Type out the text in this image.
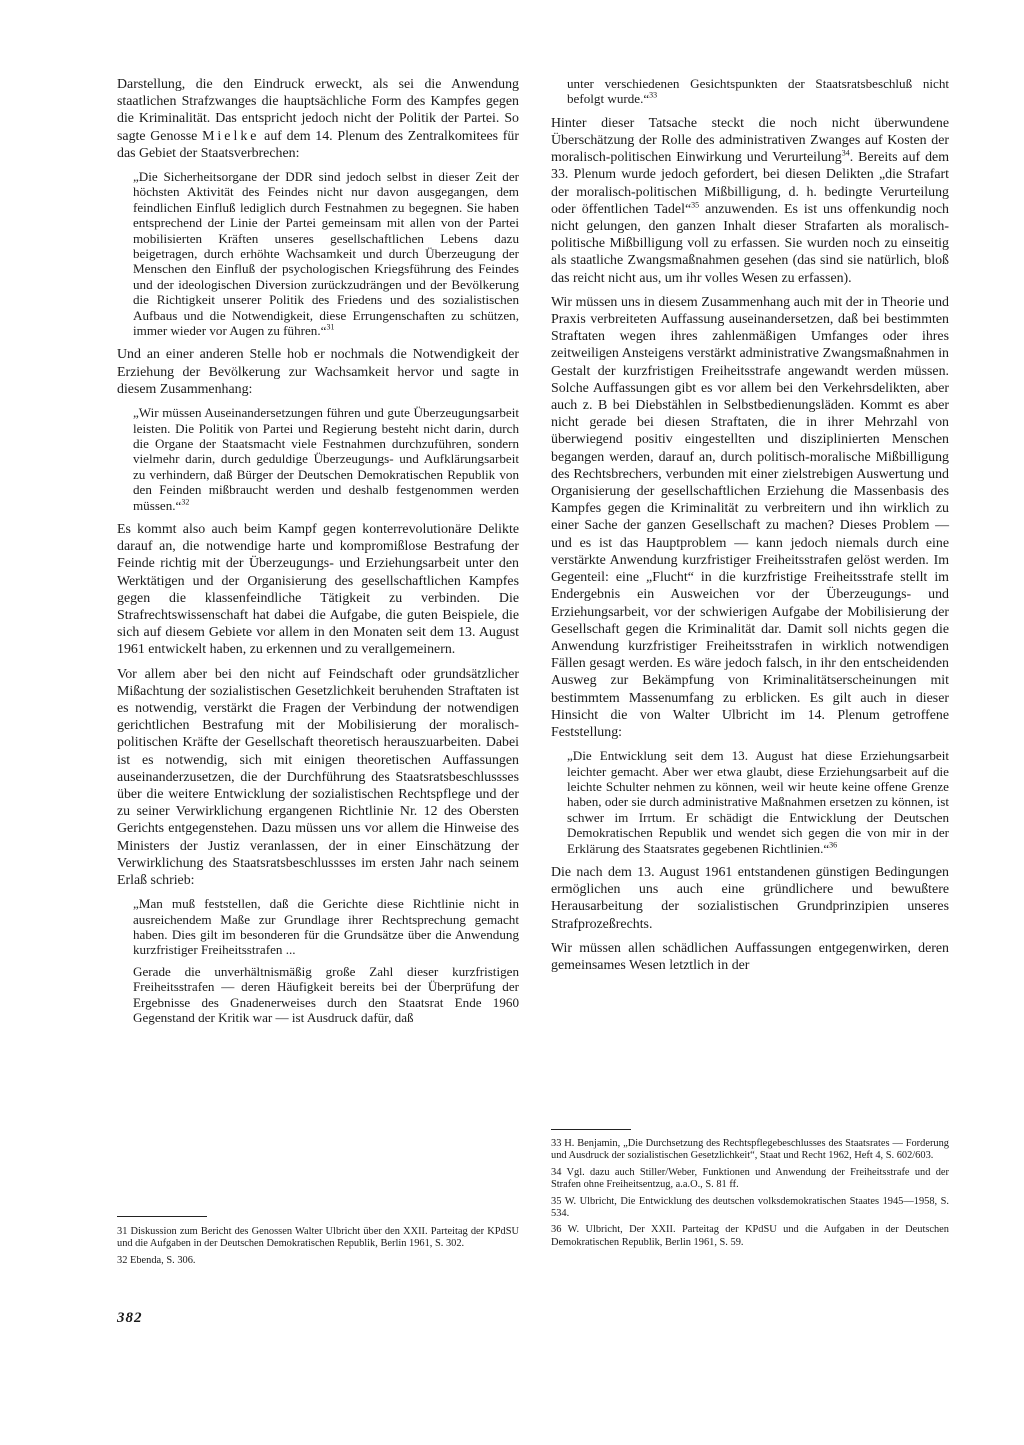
Darstellung, die den Eindruck erweckt, als sei die Anwendung staatlichen Strafzwanges die hauptsächliche Form des Kampfes gegen die Kriminalität. Das entspricht jedoch nicht der Politik der Partei. So sagte Genosse Mielke auf dem 14. Plenum des Zentralkomitees für das Gebiet der Staatsverbrechen:

„Die Sicherheitsorgane der DDR sind jedoch selbst in dieser Zeit der höchsten Aktivität des Feindes nicht nur davon ausgegangen, dem feindlichen Einfluß lediglich durch Festnahmen zu begegnen. Sie haben entsprechend der Linie der Partei gemeinsam mit allen von der Partei mobilisierten Kräften unseres gesellschaftlichen Lebens dazu beigetragen, durch erhöhte Wachsamkeit und durch Überzeugung der Menschen den Einfluß der psychologischen Kriegsführung des Feindes und der ideologischen Diversion zurückzudrängen und der Bevölkerung die Richtigkeit unserer Politik des Friedens und des sozialistischen Aufbaus und die Notwendigkeit, diese Errungenschaften zu schützen, immer wieder vor Augen zu führen.“$^{31}$

Und an einer anderen Stelle hob er nochmals die Notwendigkeit der Erziehung der Bevölkerung zur Wachsamkeit hervor und sagte in diesem Zusammenhang:

„Wir müssen Auseinandersetzungen führen und gute Überzeugungsarbeit leisten. Die Politik von Partei und Regierung besteht nicht darin, durch die Organe der Staatsmacht viele Festnahmen durchzuführen, sondern vielmehr darin, durch geduldige Überzeugungs- und Aufklärungsarbeit zu verhindern, daß Bürger der Deutschen Demokratischen Republik von den Feinden mißbraucht werden und deshalb festgenommen werden müssen.“$^{32}$

Es kommt also auch beim Kampf gegen konterrevolutionäre Delikte darauf an, die notwendige harte und kompromißlose Bestrafung der Feinde richtig mit der Überzeugungs- und Erziehungsarbeit unter den Werktätigen und der Organisierung des gesellschaftlichen Kampfes gegen die klassenfeindliche Tätigkeit zu verbinden. Die Strafrechtswissenschaft hat dabei die Aufgabe, die guten Beispiele, die sich auf diesem Gebiete vor allem in den Monaten seit dem 13. August 1961 entwickelt haben, zu erkennen und zu verallgemeinern.

Vor allem aber bei den nicht auf Feindschaft oder grundsätzlicher Mißachtung der sozialistischen Gesetzlichkeit beruhenden Straftaten ist es notwendig, verstärkt die Fragen der Verbindung der notwendigen gerichtlichen Bestrafung mit der Mobilisierung der moralisch-politischen Kräfte der Gesellschaft theoretisch herauszuarbeiten. Dabei ist es notwendig, sich mit einigen theoretischen Auffassungen auseinanderzusetzen, die der Durchführung des Staatsratsbeschlussses über die weitere Entwicklung der sozialistischen Rechtspflege und der zu seiner Verwirklichung ergangenen Richtlinie Nr. 12 des Obersten Gerichts entgegenstehen. Dazu müssen uns vor allem die Hinweise des Ministers der Justiz veranlassen, der in einer Einschätzung der Verwirklichung des Staatsratsbeschlussses im ersten Jahr nach seinem Erlaß schrieb:

„Man muß feststellen, daß die Gerichte diese Richtlinie nicht in ausreichendem Maße zur Grundlage ihrer Rechtsprechung gemacht haben. Dies gilt im besonderen für die Grundsätze über die Anwendung kurzfristiger Freiheitsstrafen ...

Gerade die unverhältnismäßig große Zahl dieser kurzfristigen Freiheitsstrafen — deren Häufigkeit bereits bei der Überprüfung der Ergebnisse des Gnadenerweises durch den Staatsrat Ende 1960 Gegenstand der Kritik war — ist Ausdruck dafür, daß

unter verschiedenen Gesichtspunkten der Staatsratsbeschluß nicht befolgt wurde.“$^{33}$

Hinter dieser Tatsache steckt die noch nicht überwundene Überschätzung der Rolle des administrativen Zwanges auf Kosten der moralisch-politischen Einwirkung und Verurteilung$^{34}$. Bereits auf dem 33. Plenum wurde jedoch gefordert, bei diesen Delikten „die Strafart der moralisch-politischen Mißbilligung, d. h. bedingte Verurteilung oder öffentlichen Tadel“$^{35}$ anzuwenden. Es ist uns offenkundig noch nicht gelungen, den ganzen Inhalt dieser Strafarten als moralisch-politische Mißbilligung voll zu erfassen. Sie wurden noch zu einseitig als staatliche Zwangsmaßnahmen gesehen (das sind sie natürlich, bloß das reicht nicht aus, um ihr volles Wesen zu erfassen).

Wir müssen uns in diesem Zusammenhang auch mit der in Theorie und Praxis verbreiteten Auffassung auseinandersetzen, daß bei bestimmten Straftaten wegen ihres zahlenmäßigen Umfanges oder ihres zeitweiligen Ansteigens verstärkt administrative Zwangsmaßnahmen in Gestalt der kurzfristigen Freiheitsstrafe angewandt werden müssen. Solche Auffassungen gibt es vor allem bei den Verkehrsdelikten, aber auch z. B bei Diebstählen in Selbstbedienungsläden. Kommt es aber nicht gerade bei diesen Straftaten, die in ihrer Mehrzahl von überwiegend positiv eingestellten und disziplinierten Menschen begangen werden, darauf an, durch politisch-moralische Mißbilligung des Rechtsbrechers, verbunden mit einer zielstrebigen Auswertung und Organisierung der gesellschaftlichen Erziehung die Massenbasis des Kampfes gegen die Kriminalität zu verbreitern und ihn wirklich zu einer Sache der ganzen Gesellschaft zu machen? Dieses Problem — und es ist das Hauptproblem — kann jedoch niemals durch eine verstärkte Anwendung kurzfristiger Freiheitsstrafen gelöst werden. Im Gegenteil: eine „Flucht“ in die kurzfristige Freiheitsstrafe stellt im Endergebnis ein Ausweichen vor der Überzeugungs- und Erziehungsarbeit, vor der schwierigen Aufgabe der Mobilisierung der Gesellschaft gegen die Kriminalität dar. Damit soll nichts gegen die Anwendung kurzfristiger Freiheitsstrafen in wirklich notwendigen Fällen gesagt werden. Es wäre jedoch falsch, in ihr den entscheidenden Ausweg zur Bekämpfung von Kriminalitätserscheinungen mit bestimmtem Massenumfang zu erblicken. Es gilt auch in dieser Hinsicht die von Walter Ulbricht im 14. Plenum getroffene Feststellung:

„Die Entwicklung seit dem 13. August hat diese Erziehungsarbeit leichter gemacht. Aber wer etwa glaubt, diese Erziehungsarbeit auf die leichte Schulter nehmen zu können, weil wir heute keine offene Grenze haben, oder sie durch administrative Maßnahmen ersetzen zu können, ist schwer im Irrtum. Er schädigt die Entwicklung der Deutschen Demokratischen Republik und wendet sich gegen die von mir in der Erklärung des Staatsrates gegebenen Richtlinien.“$^{36}$

Die nach dem 13. August 1961 entstandenen günstigen Bedingungen ermöglichen uns auch eine gründlichere und bewußtere Herausarbeitung der sozialistischen Grundprinzipien unseres Strafprozeßrechts.

Wir müssen allen schädlichen Auffassungen entgegenwirken, deren gemeinsames Wesen letztlich in der

31 Diskussion zum Bericht des Genossen Walter Ulbricht über den XXII. Parteitag der KPdSU und die Aufgaben in der Deutschen Demokratischen Republik, Berlin 1961, S. 302.

32 Ebenda, S. 306.

33 H. Benjamin, „Die Durchsetzung des Rechtspflegebeschlusses des Staatsrates — Forderung und Ausdruck der sozialistischen Gesetzlichkeit“, Staat und Recht 1962, Heft 4, S. 602/603.

34 Vgl. dazu auch Stiller/Weber, Funktionen und Anwendung der Freiheitsstrafe und der Strafen ohne Freiheitsentzug, a.a.O., S. 81 ff.

35 W. Ulbricht, Die Entwicklung des deutschen volksdemokratischen Staates 1945—1958, S. 534.

36 W. Ulbricht, Der XXII. Parteitag der KPdSU und die Aufgaben in der Deutschen Demokratischen Republik, Berlin 1961, S. 59.

382
